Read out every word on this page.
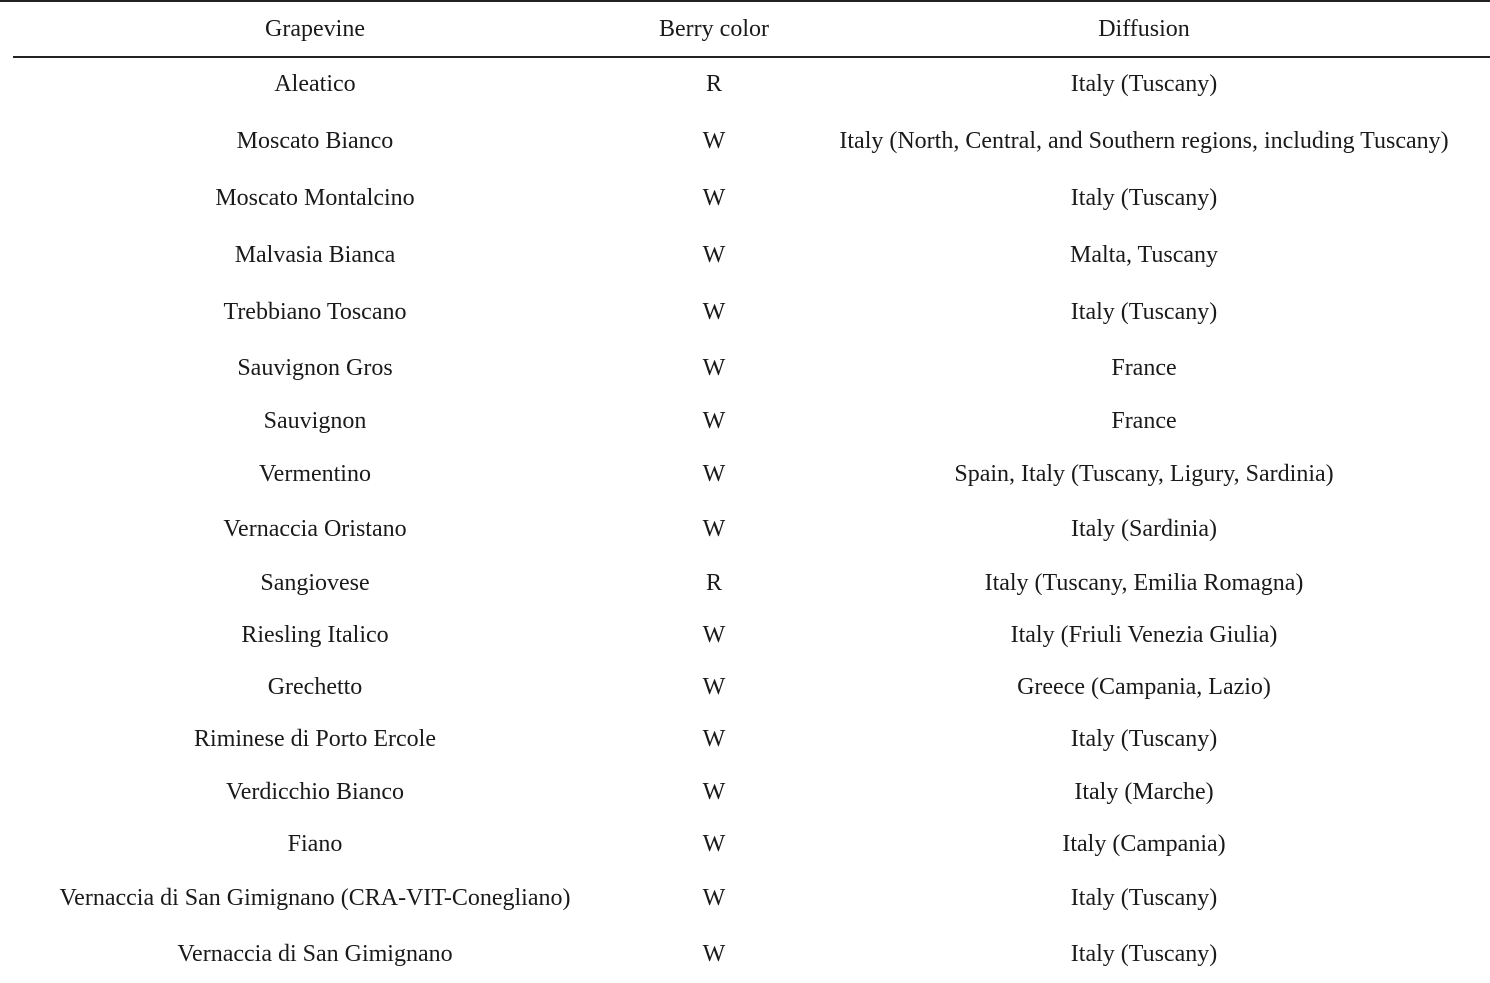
Grapevine	Berry color	Diffusion
Aleatico	R	Italy (Tuscany)
Moscato Bianco	W	Italy (North, Central, and Southern regions, including Tuscany)
Moscato Montalcino	W	Italy (Tuscany)
Malvasia Bianca	W	Malta, Tuscany
Trebbiano Toscano	W	Italy (Tuscany)
Sauvignon Gros	W	France
Sauvignon	W	France
Vermentino	W	Spain, Italy (Tuscany, Ligury, Sardinia)
Vernaccia Oristano	W	Italy (Sardinia)
Sangiovese	R	Italy (Tuscany, Emilia Romagna)
Riesling Italico	W	Italy (Friuli Venezia Giulia)
Grechetto	W	Greece (Campania, Lazio)
Riminese di Porto Ercole	W	Italy (Tuscany)
Verdicchio Bianco	W	Italy (Marche)
Fiano	W	Italy (Campania)
Vernaccia di San Gimignano (CRA-VIT-Conegliano)	W	Italy (Tuscany)
Vernaccia di San Gimignano	W	Italy (Tuscany)
